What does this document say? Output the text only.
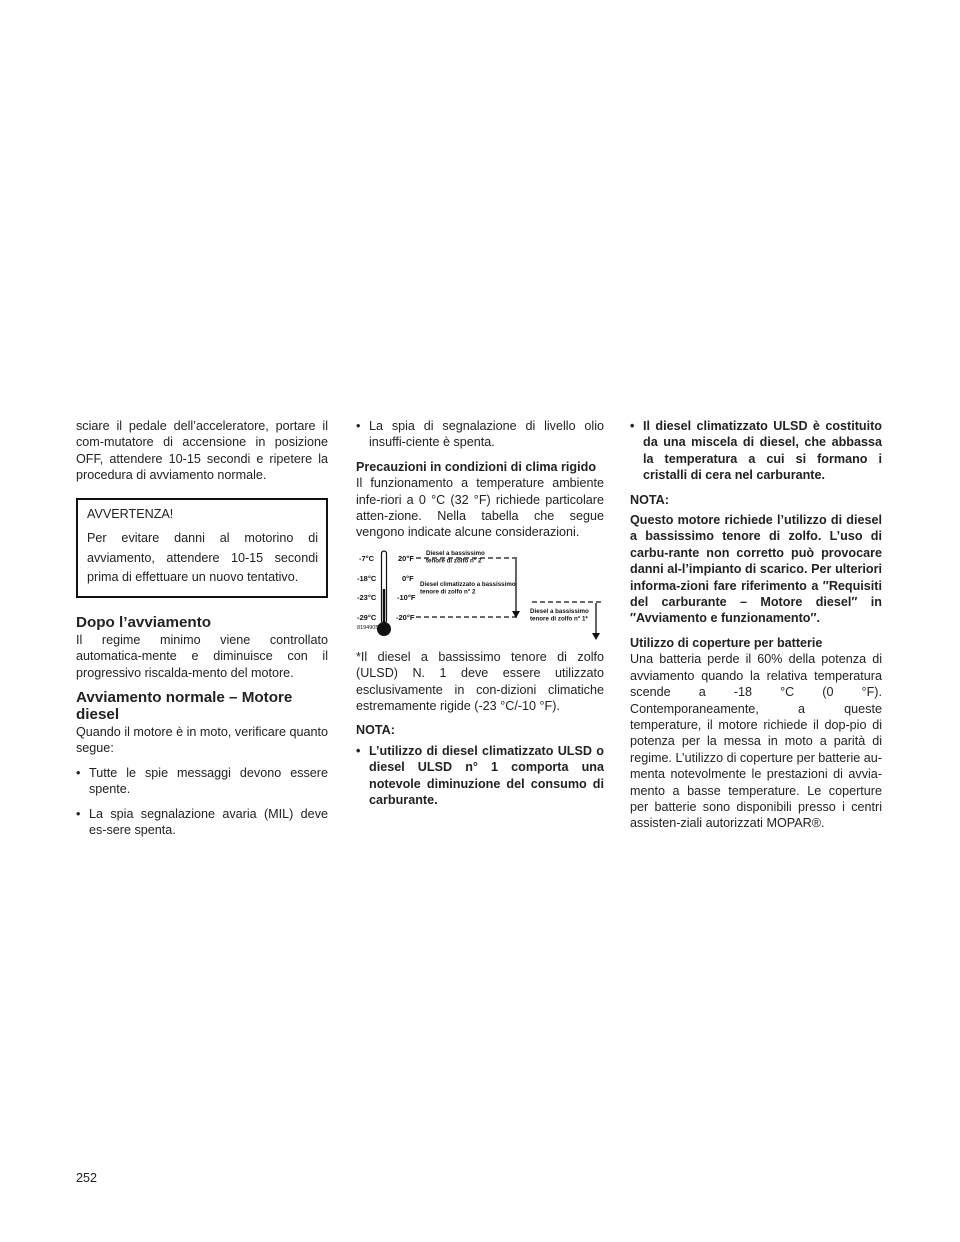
sciare il pedale dell’acceleratore, portare il com-mutatore di accensione in posizione OFF, attendere 10-15 secondi e ripetere la procedura di avviamento normale.

AVVERTENZA!

Per evitare danni al motorino di avviamento, attendere 10-15 secondi prima di effettuare un nuovo tentativo.

Dopo l’avviamento

Il regime minimo viene controllato automatica-mente e diminuisce con il progressivo riscalda-mento del motore.

Avviamento normale – Motore diesel

Quando il motore è in moto, verificare quanto segue:

• Tutte le spie messaggi devono essere spente.
• La spia segnalazione avaria (MIL) deve es-sere spenta.
• La spia di segnalazione di livello olio insuffi-ciente è spenta.
Precauzioni in condizioni di clima rigido

Il funzionamento a temperature ambiente infe-riori a 0 °C (32 °F) richiede particolare atten-zione. Nella tabella che segue vengono indicate alcune considerazioni.

-7°C
-18°C
-23°C
-29°C
20°F
0°F
-10°F
-20°F
Diesel a bassissimo
tenore di zolfo n° 2
Diesel climatizzato a bassissimo
tenore di zolfo n° 2
Diesel a bassissimo
tenore di zolfo n° 1*
81949058

*Il diesel a bassissimo tenore di zolfo (ULSD) N. 1 deve essere utilizzato esclusivamente in con-dizioni climatiche estremamente rigide (-23 °C/-10 °F).

NOTA:
• L’utilizzo di diesel climatizzato ULSD o diesel ULSD n° 1 comporta una notevole diminuzione del consumo di carburante.
• Il diesel climatizzato ULSD è costituito da una miscela di diesel, che abbassa la temperatura a cui si formano i cristalli di cera nel carburante.
NOTA:

Questo motore richiede l’utilizzo di diesel a bassissimo tenore di zolfo. L’uso di carbu-rante non corretto può provocare danni al-l’impianto di scarico. Per ulteriori informa-zioni fare riferimento a ″Requisiti del carburante – Motore diesel″ in ″Avviamento e funzionamento″.

Utilizzo di coperture per batterie

Una batteria perde il 60% della potenza di avviamento quando la relativa temperatura scende a -18 °C (0 °F). Contemporaneamente, a queste temperature, il motore richiede il dop-pio di potenza per la messa in moto a parità di regime. L’utilizzo di coperture per batterie au-menta notevolmente le prestazioni di avvia-mento a basse temperature. Le coperture per batterie sono disponibili presso i centri assisten-ziali autorizzati MOPAR®.

252
